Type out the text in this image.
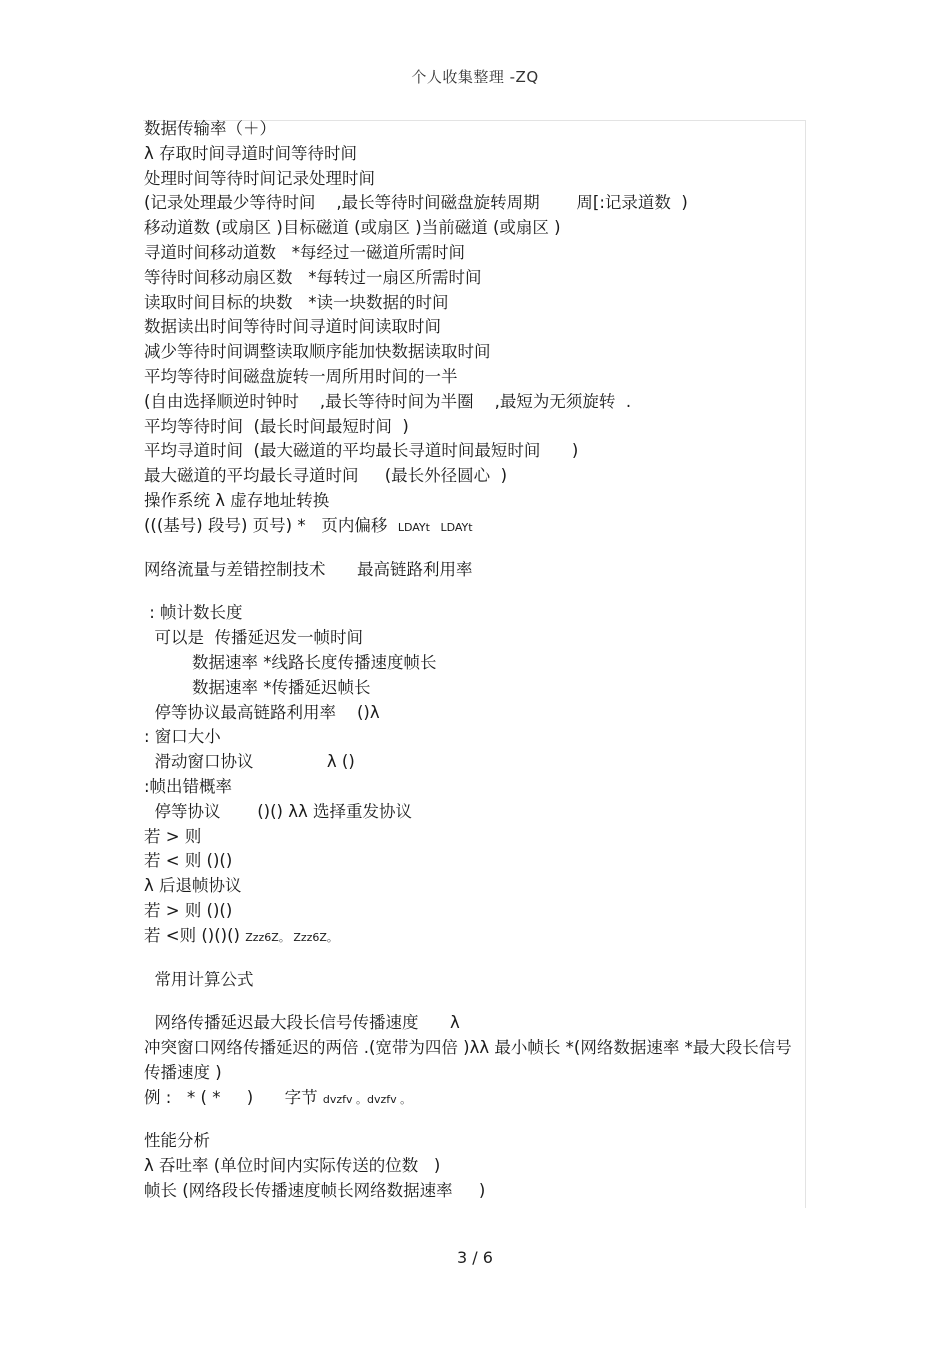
个人收集整理 -ZQ
数据传输率（＋）
λ 存取时间寻道时间等待时间
处理时间等待时间记录处理时间
(记录处理最少等待时间    ,最长等待时间磁盘旋转周期       周[:记录道数  )
移动道数 (或扇区 )目标磁道 (或扇区 )当前磁道 (或扇区 )
寻道时间移动道数   *每经过一磁道所需时间
等待时间移动扇区数   *每转过一扇区所需时间
读取时间目标的块数   *读一块数据的时间
数据读出时间等待时间寻道时间读取时间
减少等待时间调整读取顺序能加快数据读取时间
平均等待时间磁盘旋转一周所用时间的一半
(自由选择顺逆时钟时    ,最长等待时间为半圈    ,最短为无须旋转  .
平均等待时间  (最长时间最短时间  )
平均寻道时间  (最大磁道的平均最长寻道时间最短时间      )
最大磁道的平均最长寻道时间     (最长外径圆心  )
操作系统 λ 虚存地址转换
(((基号) 段号) 页号) *   页内偏移 LDAYt   LDAYt
网络流量与差错控制技术      最高链路利用率
: 帧计数长度
可以是  传播延迟发一帧时间
数据速率 *线路长度传播速度帧长
数据速率 *传播延迟帧长
停等协议最高链路利用率    ()λ
: 窗口大小
滑动窗口协议              λ ()
:帧出错概率
停等协议       ()() λλ 选择重发协议
若 > 则
若 < 则 ()()
λ 后退帧协议
若 > 则 ()()
若 <则 ()()() Zzz6Z。 Zzz6Z。
常用计算公式
网络传播延迟最大段长信号传播速度      λ
冲突窗口网络传播延迟的两倍 .(宽带为四倍 )λλ 最小帧长 *(网络数据速率 *最大段长信号传播速度 )
例 :   * ( *     )      字节 dvzfv 。dvzfv 。
性能分析
λ 吞吐率 (单位时间内实际传送的位数   )
帧长 (网络段长传播速度帧长网络数据速率     )
3 / 6
